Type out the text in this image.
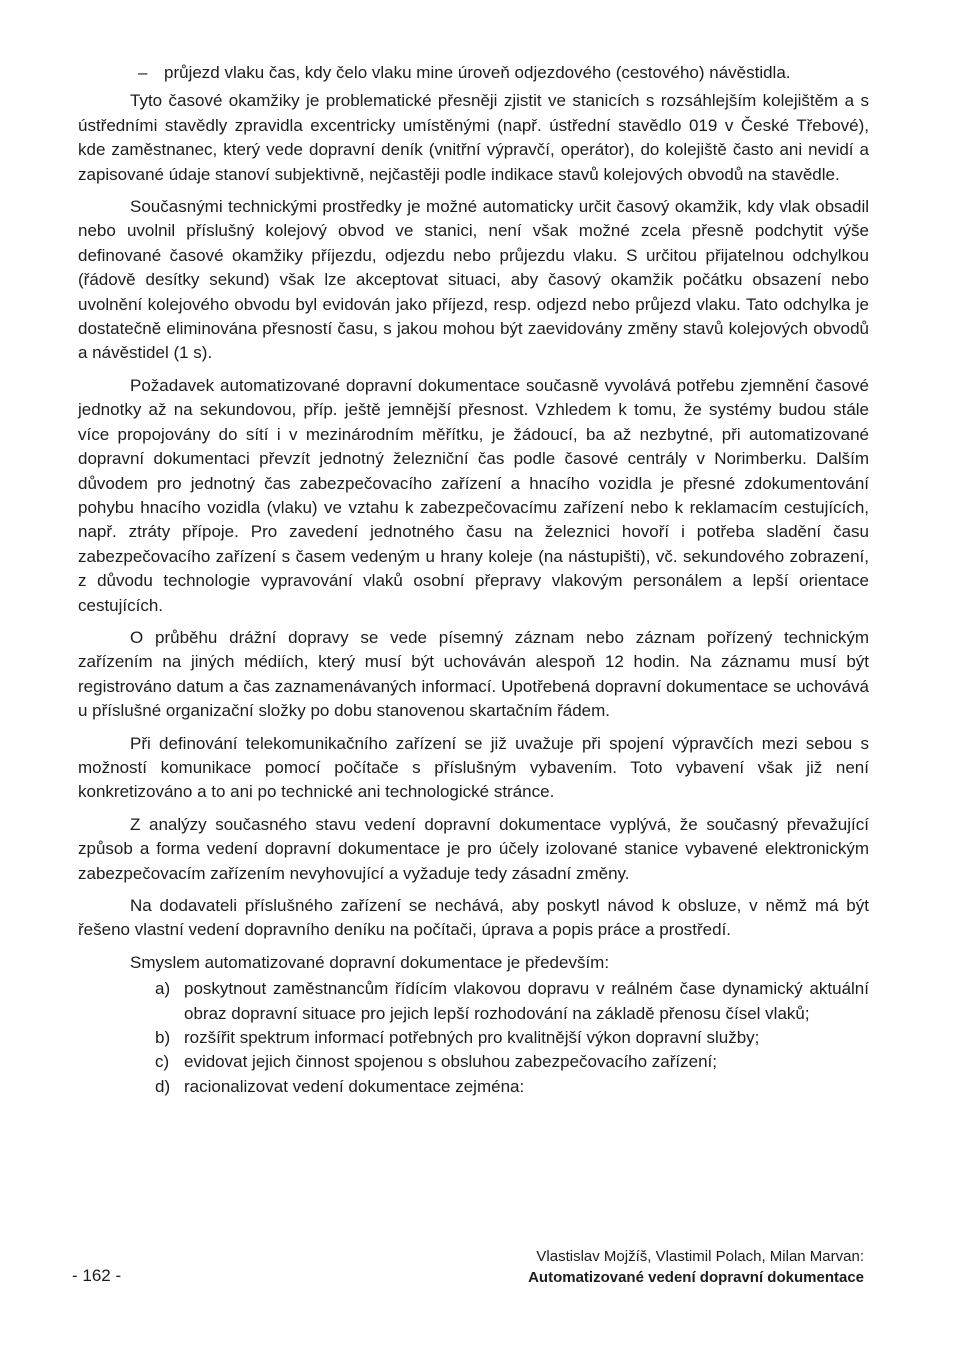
– průjezd vlaku čas, kdy čelo vlaku mine úroveň odjezdového (cestového) návěstidla.

Tyto časové okamžiky je problematické přesněji zjistit ve stanicích s rozsáhlejším kolejištěm a s ústředními stavědly zpravidla excentricky umístěnými (např. ústřední stavědlo 019 v České Třebové), kde zaměstnanec, který vede dopravní deník (vnitřní výpravčí, operátor), do kolejiště často ani nevidí a zapisované údaje stanoví subjektivně, nejčastěji podle indikace stavů kolejových obvodů na stavědle.

Současnými technickými prostředky je možné automaticky určit časový okamžik, kdy vlak obsadil nebo uvolnil příslušný kolejový obvod ve stanici, není však možné zcela přesně podchytit výše definované časové okamžiky příjezdu, odjezdu nebo průjezdu vlaku. S určitou přijatelnou odchylkou (řádově desítky sekund) však lze akceptovat situaci, aby časový okamžik počátku obsazení nebo uvolnění kolejového obvodu byl evidován jako příjezd, resp. odjezd nebo průjezd vlaku. Tato odchylka je dostatečně eliminována přesností času, s jakou mohou být zaevidovány změny stavů kolejových obvodů a návěstidel (1 s).

Požadavek automatizované dopravní dokumentace současně vyvolává potřebu zjemnění časové jednotky až na sekundovou, příp. ještě jemnější přesnost. Vzhledem k tomu, že systémy budou stále více propojovány do sítí i v mezinárodním měřítku, je žádoucí, ba až nezbytné, při automatizované dopravní dokumentaci převzít jednotný železniční čas podle časové centrály v Norimberku. Dalším důvodem pro jednotný čas zabezpečovacího zařízení a hnacího vozidla je přesné zdokumentování pohybu hnacího vozidla (vlaku) ve vztahu k zabezpečovacímu zařízení nebo k reklamacím cestujících, např. ztráty přípoje. Pro zavedení jednotného času na železnici hovoří i potřeba sladění času zabezpečovacího zařízení s časem vedeným u hrany koleje (na nástupišti), vč. sekundového zobrazení, z důvodu technologie vypravování vlaků osobní přepravy vlakovým personálem a lepší orientace cestujících.

O průběhu drážní dopravy se vede písemný záznam nebo záznam pořízený technickým zařízením na jiných médiích, který musí být uchováván alespoň 12 hodin. Na záznamu musí být registrováno datum a čas zaznamenávaných informací. Upotřebená dopravní dokumentace se uchovává u příslušné organizační složky po dobu stanovenou skartačním řádem.

Při definování telekomunikačního zařízení se již uvažuje při spojení výpravčích mezi sebou s možností komunikace pomocí počítače s příslušným vybavením. Toto vybavení však již není konkretizováno a to ani po technické ani technologické stránce.

Z analýzy současného stavu vedení dopravní dokumentace vyplývá, že současný převažující způsob a forma vedení dopravní dokumentace je pro účely izolované stanice vybavené elektronickým zabezpečovacím zařízením nevyhovující a vyžaduje tedy zásadní změny.

Na dodavateli příslušného zařízení se nechává, aby poskytl návod k obsluze, v němž má být řešeno vlastní vedení dopravního deníku na počítači, úprava a popis práce a prostředí.

Smyslem automatizované dopravní dokumentace je především:

a) poskytnout zaměstnancům řídícím vlakovou dopravu v reálném čase dynamický aktuální obraz dopravní situace pro jejich lepší rozhodování na základě přenosu čísel vlaků;
b) rozšířit spektrum informací potřebných pro kvalitnější výkon dopravní služby;
c) evidovat jejich činnost spojenou s obsluhou zabezpečovacího zařízení;
d) racionalizovat vedení dokumentace zejména:
- 162 -
Vlastislav Mojžíš, Vlastimil Polach, Milan Marvan:
Automatizované vedení dopravní dokumentace
